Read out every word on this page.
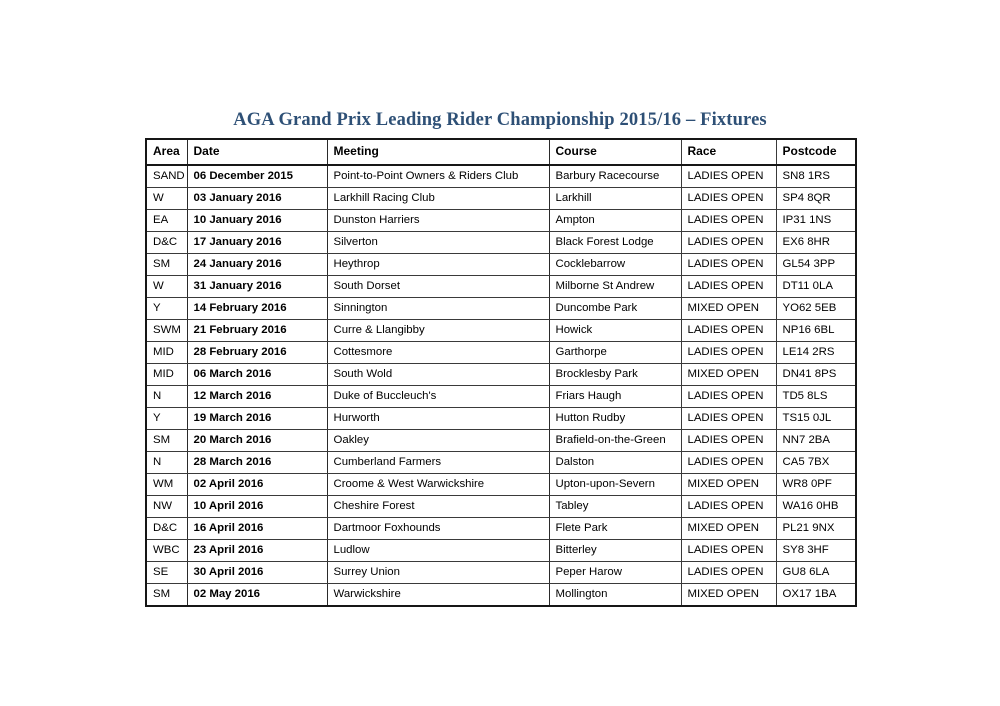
AGA Grand Prix Leading Rider Championship 2015/16 – Fixtures
Area	Date	Meeting	Course	Race	Postcode
SAND	06 December 2015	Point-to-Point Owners & Riders Club	Barbury Racecourse	LADIES OPEN	SN8 1RS
W	03 January 2016	Larkhill Racing Club	Larkhill	LADIES OPEN	SP4 8QR
EA	10 January 2016	Dunston Harriers	Ampton	LADIES OPEN	IP31 1NS
D&C	17 January 2016	Silverton	Black Forest Lodge	LADIES OPEN	EX6 8HR
SM	24 January 2016	Heythrop	Cocklebarrow	LADIES OPEN	GL54 3PP
W	31 January 2016	South Dorset	Milborne St Andrew	LADIES OPEN	DT11 0LA
Y	14 February 2016	Sinnington	Duncombe Park	MIXED OPEN	YO62 5EB
SWM	21 February 2016	Curre & Llangibby	Howick	LADIES OPEN	NP16 6BL
MID	28 February 2016	Cottesmore	Garthorpe	LADIES OPEN	LE14 2RS
MID	06 March 2016	South Wold	Brocklesby Park	MIXED OPEN	DN41 8PS
N	12 March 2016	Duke of Buccleuch's	Friars Haugh	LADIES OPEN	TD5 8LS
Y	19 March 2016	Hurworth	Hutton Rudby	LADIES OPEN	TS15 0JL
SM	20 March 2016	Oakley	Brafield-on-the-Green	LADIES OPEN	NN7 2BA
N	28 March 2016	Cumberland Farmers	Dalston	LADIES OPEN	CA5 7BX
WM	02 April 2016	Croome & West Warwickshire	Upton-upon-Severn	MIXED OPEN	WR8 0PF
NW	10 April 2016	Cheshire Forest	Tabley	LADIES OPEN	WA16 0HB
D&C	16 April 2016	Dartmoor Foxhounds	Flete Park	MIXED OPEN	PL21 9NX
WBC	23 April 2016	Ludlow	Bitterley	LADIES OPEN	SY8 3HF
SE	30 April 2016	Surrey Union	Peper Harow	LADIES OPEN	GU8 6LA
SM	02 May 2016	Warwickshire	Mollington	MIXED OPEN	OX17 1BA
